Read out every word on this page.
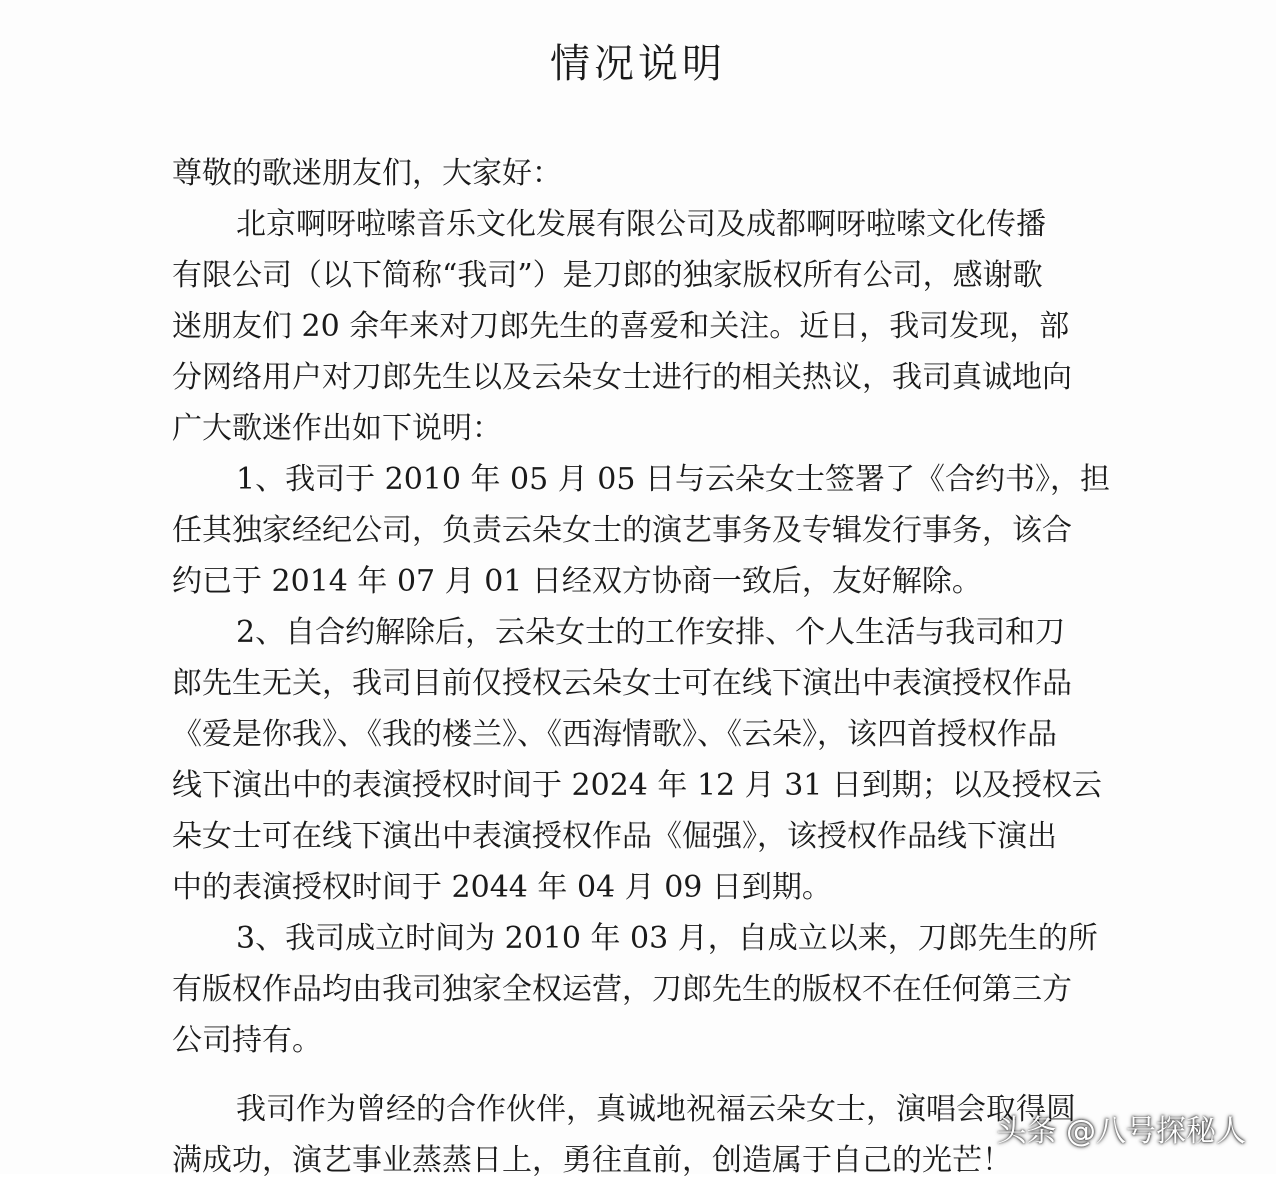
情况说明
尊敬的歌迷朋友们，大家好：
北京啊呀啦嗦音乐文化发展有限公司及成都啊呀啦嗦文化传播
有限公司（以下简称“我司”）是刀郎的独家版权所有公司，感谢歌
迷朋友们 20 余年来对刀郎先生的喜爱和关注。近日，我司发现，部
分网络用户对刀郎先生以及云朵女士进行的相关热议，我司真诚地向
广大歌迷作出如下说明：
1、我司于 2010 年 05 月 05 日与云朵女士签署了《合约书》，担
任其独家经纪公司，负责云朵女士的演艺事务及专辑发行事务，该合
约已于 2014 年 07 月 01 日经双方协商一致后，友好解除。
2、自合约解除后，云朵女士的工作安排、个人生活与我司和刀
郎先生无关，我司目前仅授权云朵女士可在线下演出中表演授权作品
《爱是你我》、《我的楼兰》、《西海情歌》、《云朵》，该四首授权作品
线下演出中的表演授权时间于 2024 年 12 月 31 日到期；以及授权云
朵女士可在线下演出中表演授权作品《倔强》，该授权作品线下演出
中的表演授权时间于 2044 年 04 月 09 日到期。
3、我司成立时间为 2010 年 03 月，自成立以来，刀郎先生的所
有版权作品均由我司独家全权运营，刀郎先生的版权不在任何第三方
公司持有。
我司作为曾经的合作伙伴，真诚地祝福云朵女士，演唱会取得圆
满成功，演艺事业蒸蒸日上，勇往直前，创造属于自己的光芒！
头条 @八号探秘人
